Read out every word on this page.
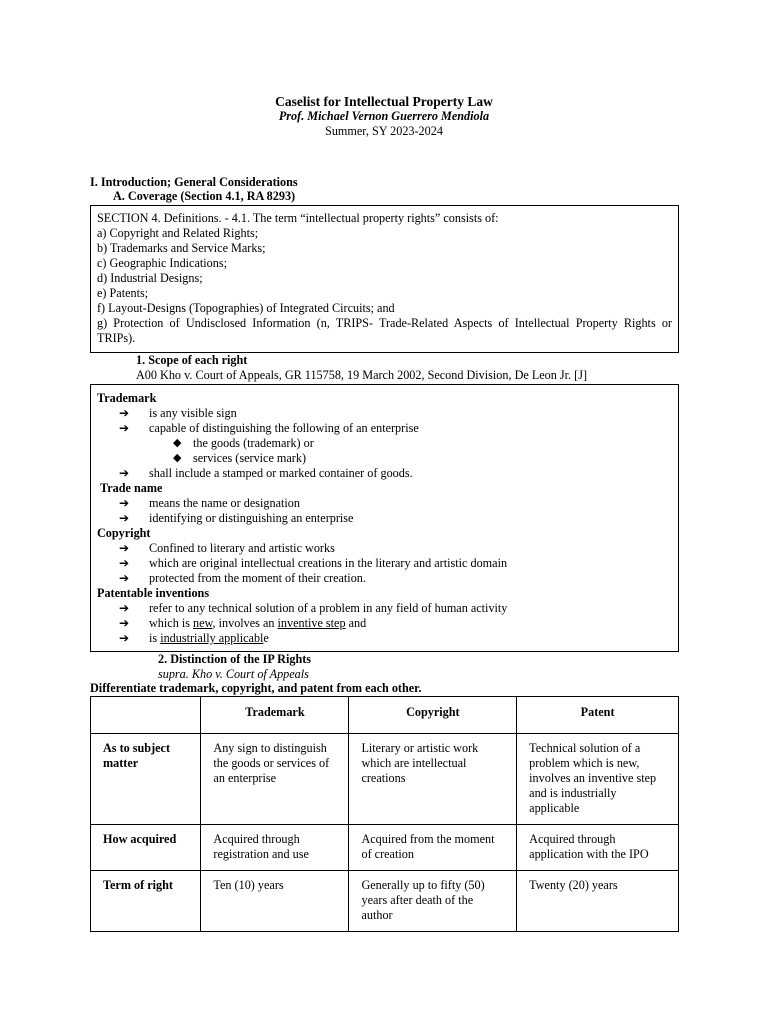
Caselist for Intellectual Property Law
Prof. Michael Vernon Guerrero Mendiola
Summer, SY 2023-2024
I. Introduction; General Considerations
A. Coverage (Section 4.1, RA 8293)

SECTION 4. Definitions. - 4.1. The term “intellectual property rights” consists of:

a) Copyright and Related Rights;

b) Trademarks and Service Marks;

c) Geographic Indications;

d) Industrial Designs;

e) Patents;

f) Layout-Designs (Topographies) of Integrated Circuits; and

g) Protection of Undisclosed Information (n, TRIPS- Trade-Related Aspects of Intellectual Property Rights or TRIPs).

1. Scope of each right
A00 Kho v. Court of Appeals, GR 115758, 19 March 2002, Second Division, De Leon Jr. [J]
Trademark
➔ is any visible sign
➔ capable of distinguishing the following of an enterprise
◆ the goods (trademark) or
◆ services (service mark)
➔ shall include a stamped or marked container of goods.
Trade name
➔ means the name or designation
➔ identifying or distinguishing an enterprise
Copyright
➔ Confined to literary and artistic works
➔ which are original intellectual creations in the literary and artistic domain
➔ protected from the moment of their creation.
Patentable inventions
➔ refer to any technical solution of a problem in any field of human activity
➔ which is new, involves an inventive step and
➔ is industrially applicable
2. Distinction of the IP Rights
supra. Kho v. Court of Appeals
Differentiate trademark, copyright, and patent from each other.
	Trademark	Copyright	Patent
As to subject matter	Any sign to distinguish the goods or services of an enterprise	Literary or artistic work which are intellectual creations	Technical solution of a problem which is new, involves an inventive step and is industrially applicable
How acquired	Acquired through registration and use	Acquired from the moment of creation	Acquired through application with the IPO
Term of right	Ten (10) years	Generally up to fifty (50) years after death of the author	Twenty (20) years
